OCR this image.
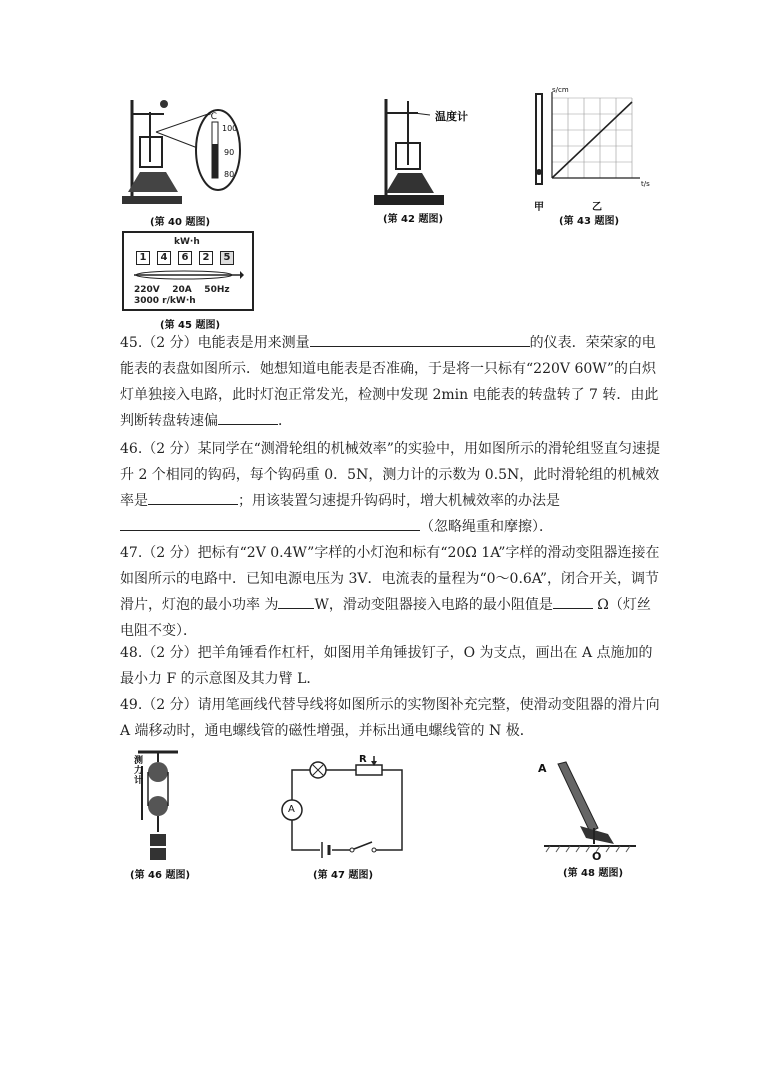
℃
100
90
80
(第 40 题图)
温度计
(第 42 题图)
s/cm
t/s
甲	乙
(第 43 题图)
kW·h
1	4	6	2	5
220V    20A    50Hz
3000 r/kW·h
(第 45 题图)

45.（2 分）电能表是用来测量	的仪表．荣荣家的电能表的表盘如图所示．她想知道电能表是否准确，于是将一只标有“220V 60W”的白炽灯单独接入电路，此时灯泡正常发光，检测中发现 2min 电能表的转盘转了 7 转．由此判断转盘转速偏	．

46.（2 分）某同学在“测滑轮组的机械效率”的实验中，用如图所示的滑轮组竖直匀速提升 2 个相同的钩码，每个钩码重 0．5N，测力计的示数为 0.5N，此时滑轮组的机械效率是	；用该装置匀速提升钩码时，增大机械效率的办法是（忽略绳重和摩擦）．

47.（2 分）把标有“2V 0.4W”字样的小灯泡和标有“20Ω 1A”字样的滑动变阻器连接在如图所示的电路中．已知电源电压为 3V．电流表的量程为“0～0.6A”，闭合开关，调节滑片，灯泡的最小功率 为	W，滑动变阻器接入电路的最小阻值是	Ω（灯丝电阻不变）．

48.（2 分）把羊角锤看作杠杆，如图用羊角锤拔钉子，O 为支点，画出在 A 点施加的最小力 F 的示意图及其力臂 L．

49.（2 分）请用笔画线代替导线将如图所示的实物图补充完整，使滑动变阻器的滑片向 A 端移动时，通电螺线管的磁性增强，并标出通电螺线管的 N 极．

测力计
(第 46 题图)
A
R
(第 47 题图)
A
O
(第 48 题图)
